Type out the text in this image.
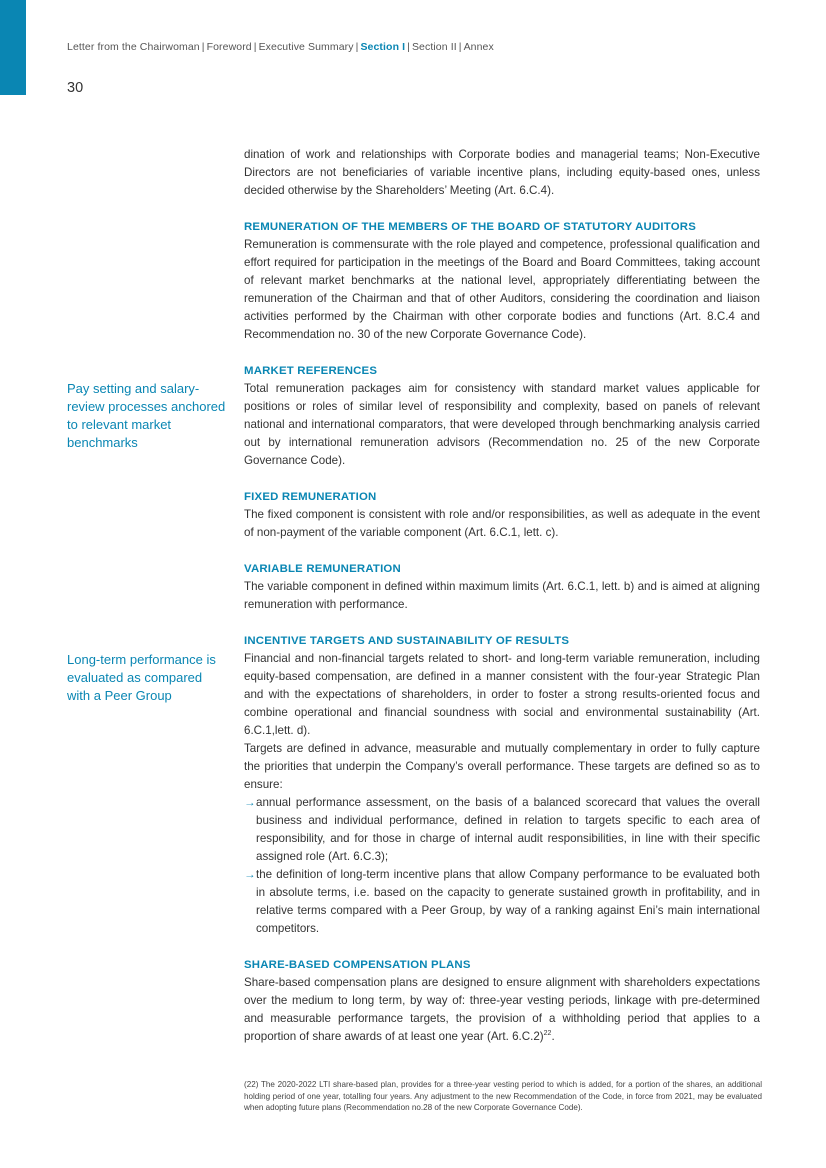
Letter from the Chairwoman | Foreword | Executive Summary | Section I | Section II | Annex
30
Pay setting and salary-review processes anchored to relevant market benchmarks
Long-term performance is evaluated as compared with a Peer Group

dination of work and relationships with Corporate bodies and managerial teams; Non-Executive Directors are not beneficiaries of variable incentive plans, including equity-based ones, unless decided otherwise by the Shareholders’ Meeting (Art. 6.C.4).

REMUNERATION OF THE MEMBERS OF THE BOARD OF STATUTORY AUDITORS

Remuneration is commensurate with the role played and competence, professional qualification and effort required for participation in the meetings of the Board and Board Committees, taking account of relevant market benchmarks at the national level, appropriately differentiating between the remuneration of the Chairman and that of other Auditors, considering the coordination and liaison activities performed by the Chairman with other corporate bodies and functions (Art. 8.C.4 and Recommendation no. 30 of the new Corporate Governance Code).

MARKET REFERENCES

Total remuneration packages aim for consistency with standard market values applicable for positions or roles of similar level of responsibility and complexity, based on panels of relevant national and international comparators, that were developed through benchmarking analysis carried out by international remuneration advisors (Recommendation no. 25 of the new Corporate Governance Code).

FIXED REMUNERATION

The fixed component is consistent with role and/or responsibilities, as well as adequate in the event of non-payment of the variable component (Art. 6.C.1, lett. c).

VARIABLE REMUNERATION

The variable component in defined within maximum limits (Art. 6.C.1, lett. b) and is aimed at aligning remuneration with performance.

INCENTIVE TARGETS AND SUSTAINABILITY OF RESULTS

Financial and non-financial targets related to short- and long-term variable remuneration, including equity-based compensation, are defined in a manner consistent with the four-year Strategic Plan and with the expectations of shareholders, in order to foster a strong results-oriented focus and combine operational and financial soundness with social and environmental sustainability (Art. 6.C.1,lett. d).

Targets are defined in advance, measurable and mutually complementary in order to fully capture the priorities that underpin the Company’s overall performance. These targets are defined so as to ensure:

→ annual performance assessment, on the basis of a balanced scorecard that values the overall business and individual performance, defined in relation to targets specific to each area of responsibility, and for those in charge of internal audit responsibilities, in line with their specific assigned role (Art. 6.C.3);
→ the definition of long-term incentive plans that allow Company performance to be evaluated both in absolute terms, i.e. based on the capacity to generate sustained growth in profitability, and in relative terms compared with a Peer Group, by way of a ranking against Eni’s main international competitors.
SHARE-BASED COMPENSATION PLANS

Share-based compensation plans are designed to ensure alignment with shareholders expectations over the medium to long term, by way of: three-year vesting periods, linkage with pre-determined and measurable performance targets, the provision of a withholding period that applies to a proportion of share awards of at least one year (Art. 6.C.2)$^{22}$.

(22) The 2020-2022 LTI share-based plan, provides for a three-year vesting period to which is added, for a portion of the shares, an additional holding period of one year, totalling four years. Any adjustment to the new Recommendation of the Code, in force from 2021, may be evaluated when adopting future plans (Recommendation no.28 of the new Corporate Governance Code).
